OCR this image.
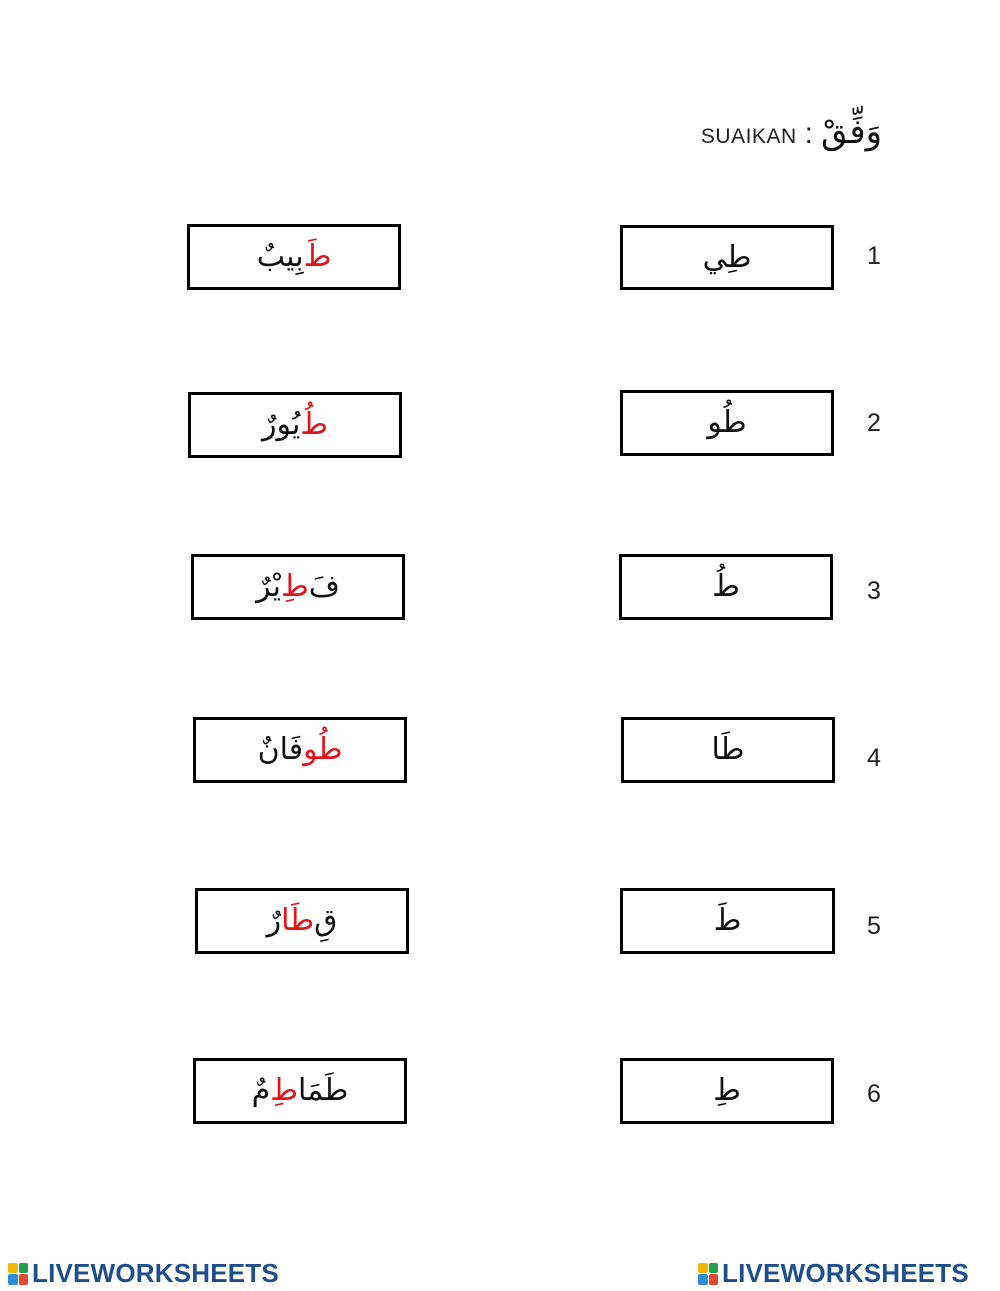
SUAIKAN : وَفِّقْ
طَ
بِيبٌ
طُ
يُورٌ
فَ
طِ
يْرٌ
طُو
فَانٌ
قِ
طَا
رٌ
طَمَا
طِ
مٌ
طِي
طُو
طُ
طَا
طَ
طِ
1
2
3
4
5
6
LIVEWORKSHEETS	LIVEWORKSHEETS
